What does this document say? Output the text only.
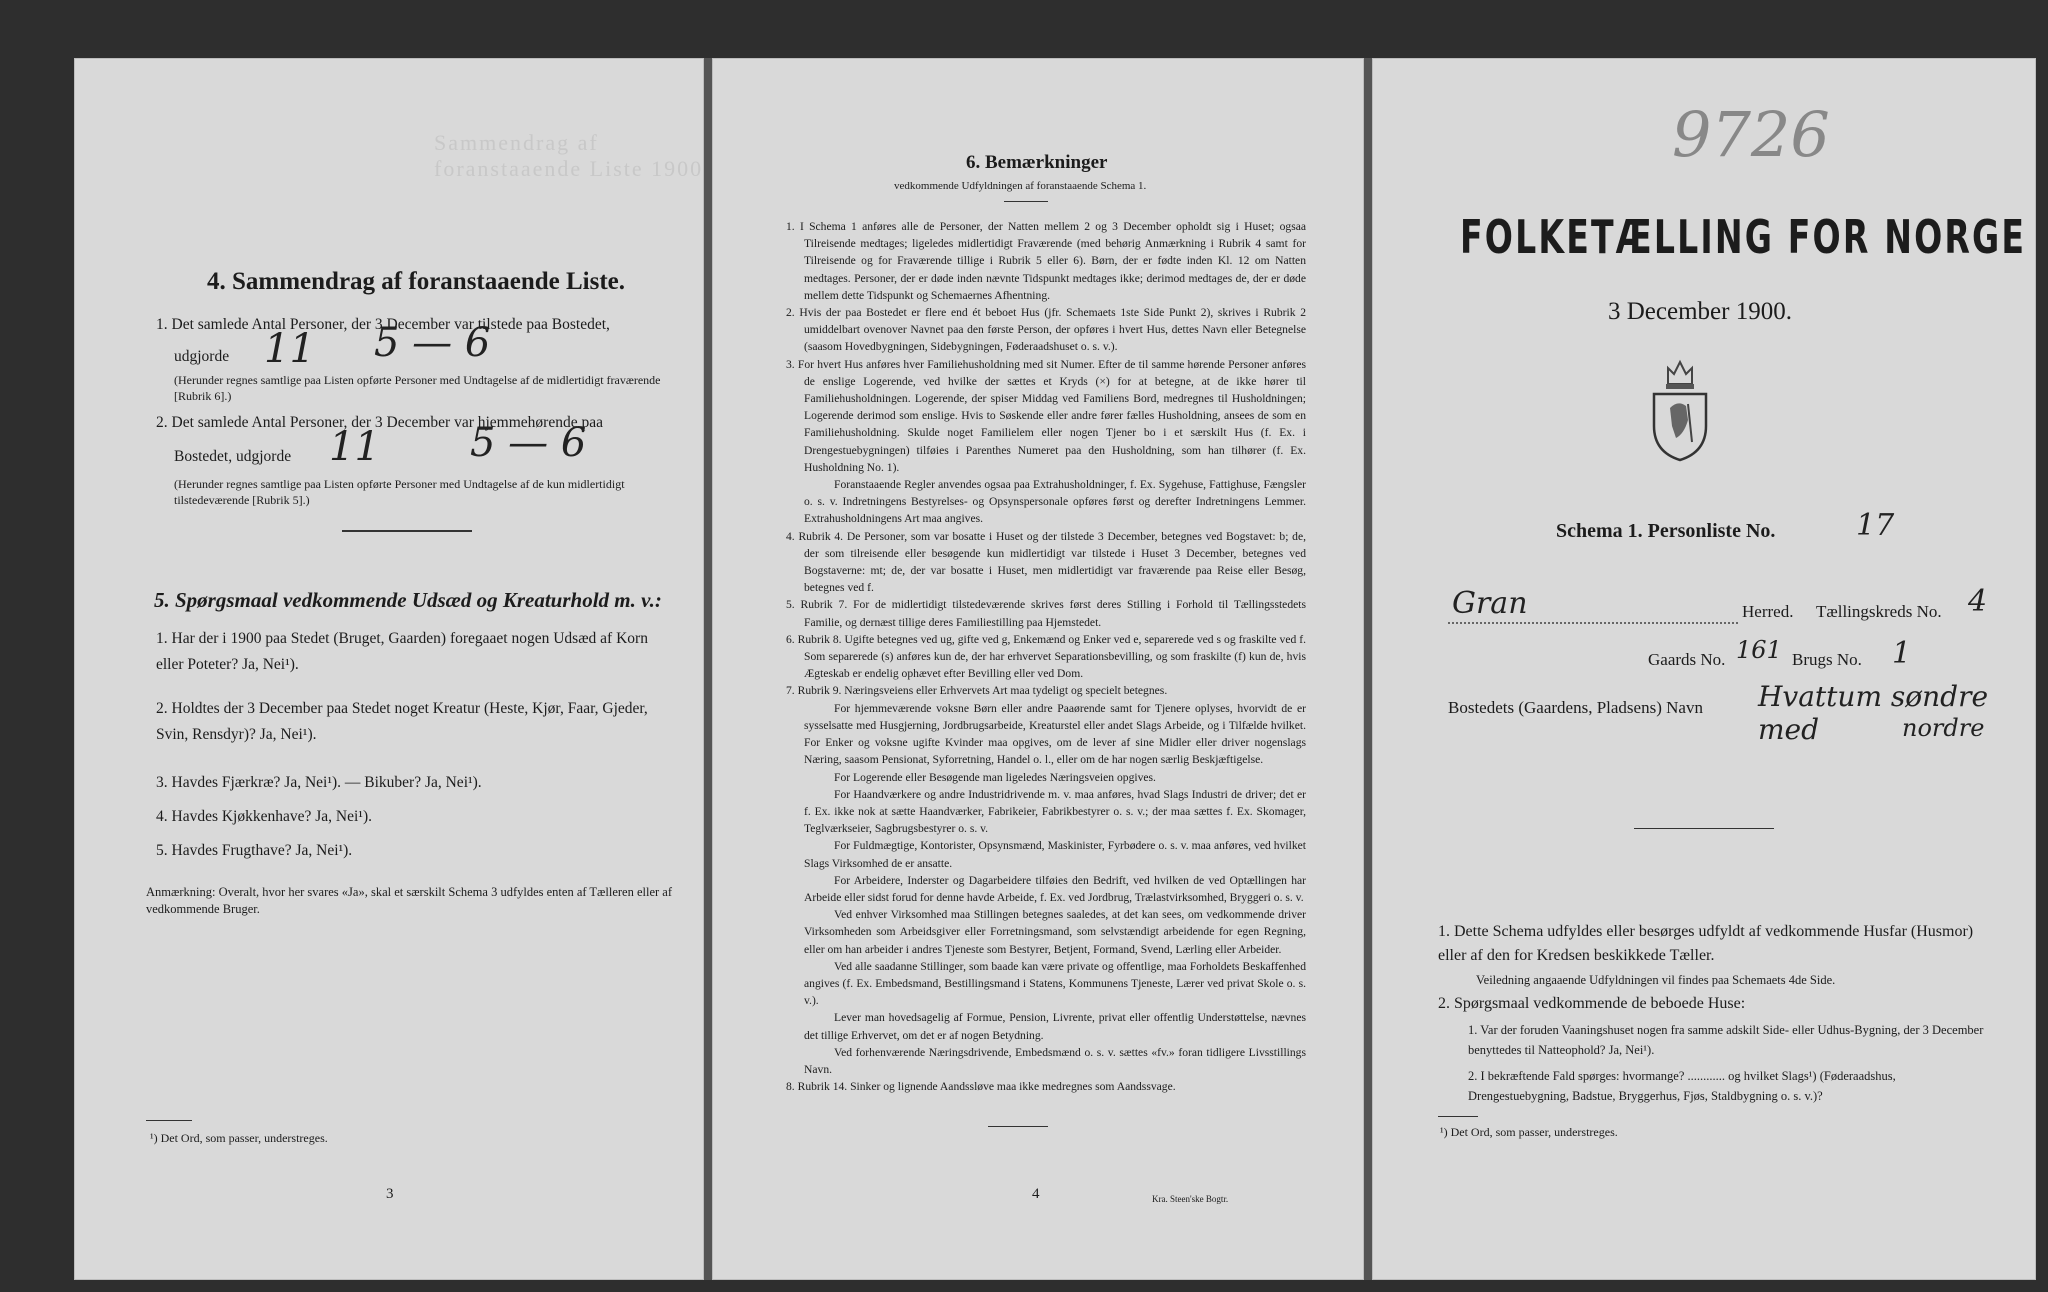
Sammendrag af foranstaaende Liste 1900
4. Sammendrag af foranstaaende Liste.
1. Det samlede Antal Personer, der 3 December var tilstede paa Bostedet,
udgjorde 11 5 — 6
(Herunder regnes samtlige paa Listen opførte Personer med Undtagelse af de midlertidigt fraværende [Rubrik 6].)
2. Det samlede Antal Personer, der 3 December var hjemmehørende paa
Bostedet, udgjorde 11 5 — 6
(Herunder regnes samtlige paa Listen opførte Personer med Undtagelse af de kun midlertidigt tilstedeværende [Rubrik 5].)
5. Spørgsmaal vedkommende Udsæd og Kreaturhold m. v.:
1. Har der i 1900 paa Stedet (Bruget, Gaarden) foregaaet nogen Udsæd af Korn eller Poteter? Ja, Nei¹).
2. Holdtes der 3 December paa Stedet noget Kreatur (Heste, Kjør, Faar, Gjeder, Svin, Rensdyr)? Ja, Nei¹).
3. Havdes Fjærkræ? Ja, Nei¹). — Bikuber? Ja, Nei¹).
4. Havdes Kjøkkenhave? Ja, Nei¹).
5. Havdes Frugthave? Ja, Nei¹).
Anmærkning: Overalt, hvor her svares «Ja», skal et særskilt Schema 3 udfyldes enten af Tælleren eller af vedkommende Bruger.
¹) Det Ord, som passer, understreges.
3
6. Bemærkninger
vedkommende Udfyldningen af foranstaaende Schema 1.

1. I Schema 1 anføres alle de Personer, der Natten mellem 2 og 3 December opholdt sig i Huset; ogsaa Tilreisende medtages; ligeledes midlertidigt Fraværende (med behørig Anmærkning i Rubrik 4 samt for Tilreisende og for Fraværende tillige i Rubrik 5 eller 6). Børn, der er fødte inden Kl. 12 om Natten medtages. Personer, der er døde inden nævnte Tidspunkt medtages ikke; derimod medtages de, der er døde mellem dette Tidspunkt og Schemaernes Afhentning.

2. Hvis der paa Bostedet er flere end ét beboet Hus (jfr. Schemaets 1ste Side Punkt 2), skrives i Rubrik 2 umiddelbart ovenover Navnet paa den første Person, der opføres i hvert Hus, dettes Navn eller Betegnelse (saasom Hovedbygningen, Sidebygningen, Føderaadshuset o. s. v.).

3. For hvert Hus anføres hver Familiehusholdning med sit Numer. Efter de til samme hørende Personer anføres de enslige Logerende, ved hvilke der sættes et Kryds (×) for at betegne, at de ikke hører til Familiehusholdningen. Logerende, der spiser Middag ved Familiens Bord, medregnes til Husholdningen; Logerende derimod som enslige. Hvis to Søskende eller andre fører fælles Husholdning, ansees de som en Familiehusholdning. Skulde noget Familielem eller nogen Tjener bo i et særskilt Hus (f. Ex. i Drengestuebygningen) tilføies i Parenthes Numeret paa den Husholdning, som han tilhører (f. Ex. Husholdning No. 1).

Foranstaaende Regler anvendes ogsaa paa Extrahusholdninger, f. Ex. Sygehuse, Fattighuse, Fængsler o. s. v. Indretningens Bestyrelses- og Opsynspersonale opføres først og derefter Indretningens Lemmer. Extrahusholdningens Art maa angives.

4. Rubrik 4. De Personer, som var bosatte i Huset og der tilstede 3 December, betegnes ved Bogstavet: b; de, der som tilreisende eller besøgende kun midlertidigt var tilstede i Huset 3 December, betegnes ved Bogstaverne: mt; de, der var bosatte i Huset, men midlertidigt var fraværende paa Reise eller Besøg, betegnes ved f.

5. Rubrik 7. For de midlertidigt tilstedeværende skrives først deres Stilling i Forhold til Tællingsstedets Familie, og dernæst tillige deres Familiestilling paa Hjemstedet.

6. Rubrik 8. Ugifte betegnes ved ug, gifte ved g, Enkemænd og Enker ved e, separerede ved s og fraskilte ved f. Som separerede (s) anføres kun de, der har erhvervet Separationsbevilling, og som fraskilte (f) kun de, hvis Ægteskab er endelig ophævet efter Bevilling eller ved Dom.

7. Rubrik 9. Næringsveiens eller Erhvervets Art maa tydeligt og specielt betegnes.

For hjemmeværende voksne Børn eller andre Paaørende samt for Tjenere oplyses, hvorvidt de er sysselsatte med Husgjerning, Jordbrugsarbeide, Kreaturstel eller andet Slags Arbeide, og i Tilfælde hvilket. For Enker og voksne ugifte Kvinder maa opgives, om de lever af sine Midler eller driver nogenslags Næring, saasom Pensionat, Syforretning, Handel o. l., eller om de har nogen særlig Beskjæftigelse.

For Logerende eller Besøgende man ligeledes Næringsveien opgives.

For Haandværkere og andre Industridrivende m. v. maa anføres, hvad Slags Industri de driver; det er f. Ex. ikke nok at sætte Haandværker, Fabrikeier, Fabrikbestyrer o. s. v.; der maa sættes f. Ex. Skomager, Teglværkseier, Sagbrugsbestyrer o. s. v.

For Fuldmægtige, Kontorister, Opsynsmænd, Maskinister, Fyrbødere o. s. v. maa anføres, ved hvilket Slags Virksomhed de er ansatte.

For Arbeidere, Inderster og Dagarbeidere tilføies den Bedrift, ved hvilken de ved Optællingen har Arbeide eller sidst forud for denne havde Arbeide, f. Ex. ved Jordbrug, Trælastvirksomhed, Bryggeri o. s. v.

Ved enhver Virksomhed maa Stillingen betegnes saaledes, at det kan sees, om vedkommende driver Virksomheden som Arbeidsgiver eller Forretningsmand, som selvstændigt arbeidende for egen Regning, eller om han arbeider i andres Tjeneste som Bestyrer, Betjent, Formand, Svend, Lærling eller Arbeider.

Ved alle saadanne Stillinger, som baade kan være private og offentlige, maa Forholdets Beskaffenhed angives (f. Ex. Embedsmand, Bestillingsmand i Statens, Kommunens Tjeneste, Lærer ved privat Skole o. s. v.).

Lever man hovedsagelig af Formue, Pension, Livrente, privat eller offentlig Understøttelse, nævnes det tillige Erhvervet, om det er af nogen Betydning.

Ved forhenværende Næringsdrivende, Embedsmænd o. s. v. sættes «fv.» foran tidligere Livsstillings Navn.

8. Rubrik 14. Sinker og lignende Aandssløve maa ikke medregnes som Aandssvage.

4	Kra. Steen'ske Bogtr.
9726
FOLKETÆLLING FOR NORGE
3 December 1900.
Schema 1. Personliste No.	17
Gran	Herred. Tællingskreds No. 4
Gaards No. 161 Brugs No. 1
Bostedets (Gaardens, Pladsens) Navn Hvattum søndre med	nordre
1. Dette Schema udfyldes eller besørges udfyldt af vedkommende Husfar (Husmor) eller af den for Kredsen beskikkede Tæller.
Veiledning angaaende Udfyldningen vil findes paa Schemaets 4de Side.
2. Spørgsmaal vedkommende de beboede Huse:
1. Var der foruden Vaaningshuset nogen fra samme adskilt Side- eller Udhus-Bygning, der 3 December benyttedes til Natteophold? Ja, Nei¹).
2. I bekræftende Fald spørges: hvormange? ............ og hvilket Slags¹) (Føderaadshus, Drengestuebygning, Badstue, Bryggerhus, Fjøs, Staldbygning o. s. v.)?
¹) Det Ord, som passer, understreges.
